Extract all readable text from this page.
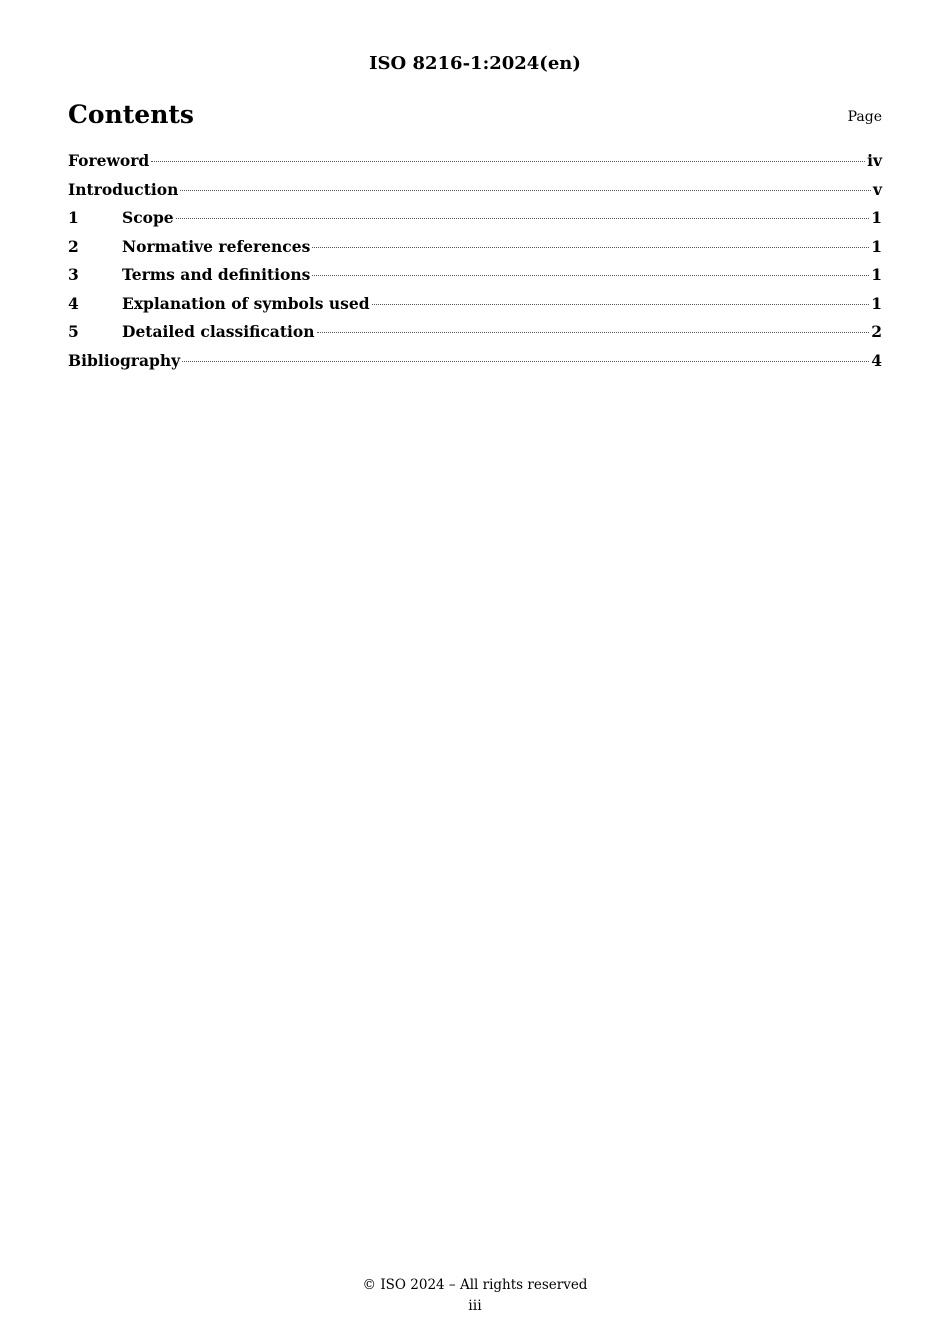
ISO 8216-1:2024(en)
Contents	Page
Foreword	iv
Introduction	v
1	Scope	1
2	Normative references	1
3	Terms and definitions	1
4	Explanation of symbols used	1
5	Detailed classification	2
Bibliography	4
© ISO 2024 – All rights reserved
iii
